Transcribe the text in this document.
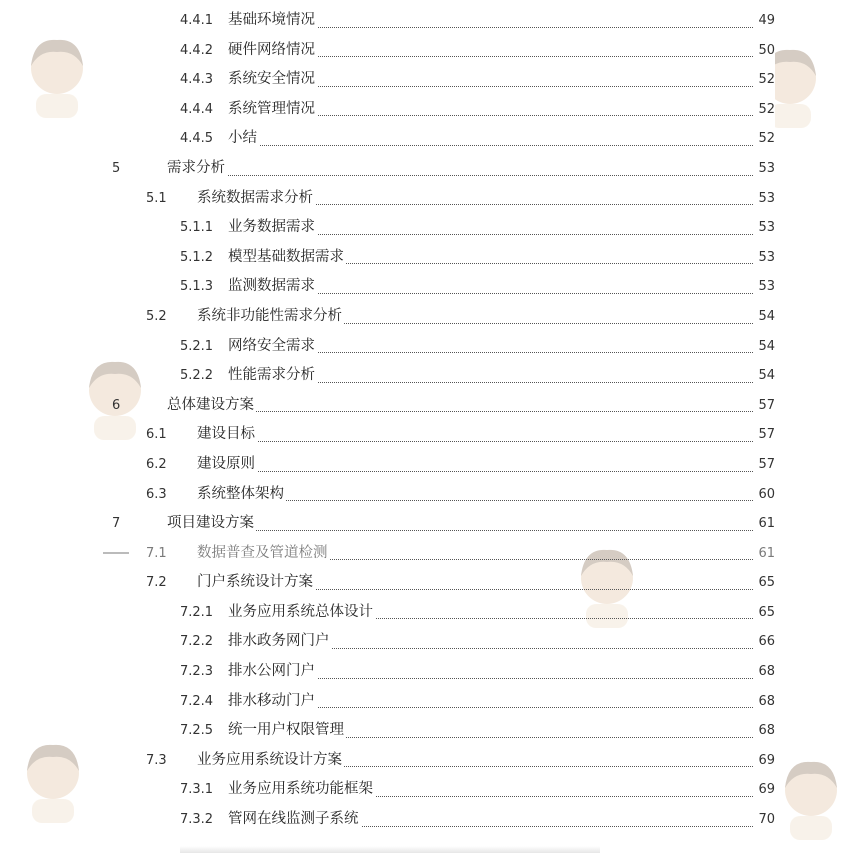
4.4.1 基础环境情况	49
4.4.2 硬件网络情况	50
4.4.3 系统安全情况	52
4.4.4 系统管理情况	52
4.4.5 小结	52
5	需求分析	53
5.1 系统数据需求分析	53
5.1.1 业务数据需求	53
5.1.2 模型基础数据需求	53
5.1.3 监测数据需求	53
5.2 系统非功能性需求分析	54
5.2.1 网络安全需求	54
5.2.2 性能需求分析	54
6	总体建设方案	57
6.1 建设目标	57
6.2 建设原则	57
6.3 系统整体架构	60
7	项目建设方案	61
7.1 数据普查及管道检测	61
7.2 门户系统设计方案	65
7.2.1 业务应用系统总体设计	65
7.2.2 排水政务网门户	66
7.2.3 排水公网门户	68
7.2.4 排水移动门户	68
7.2.5 统一用户权限管理	68
7.3 业务应用系统设计方案	69
7.3.1 业务应用系统功能框架	69
7.3.2 管网在线监测子系统	70
